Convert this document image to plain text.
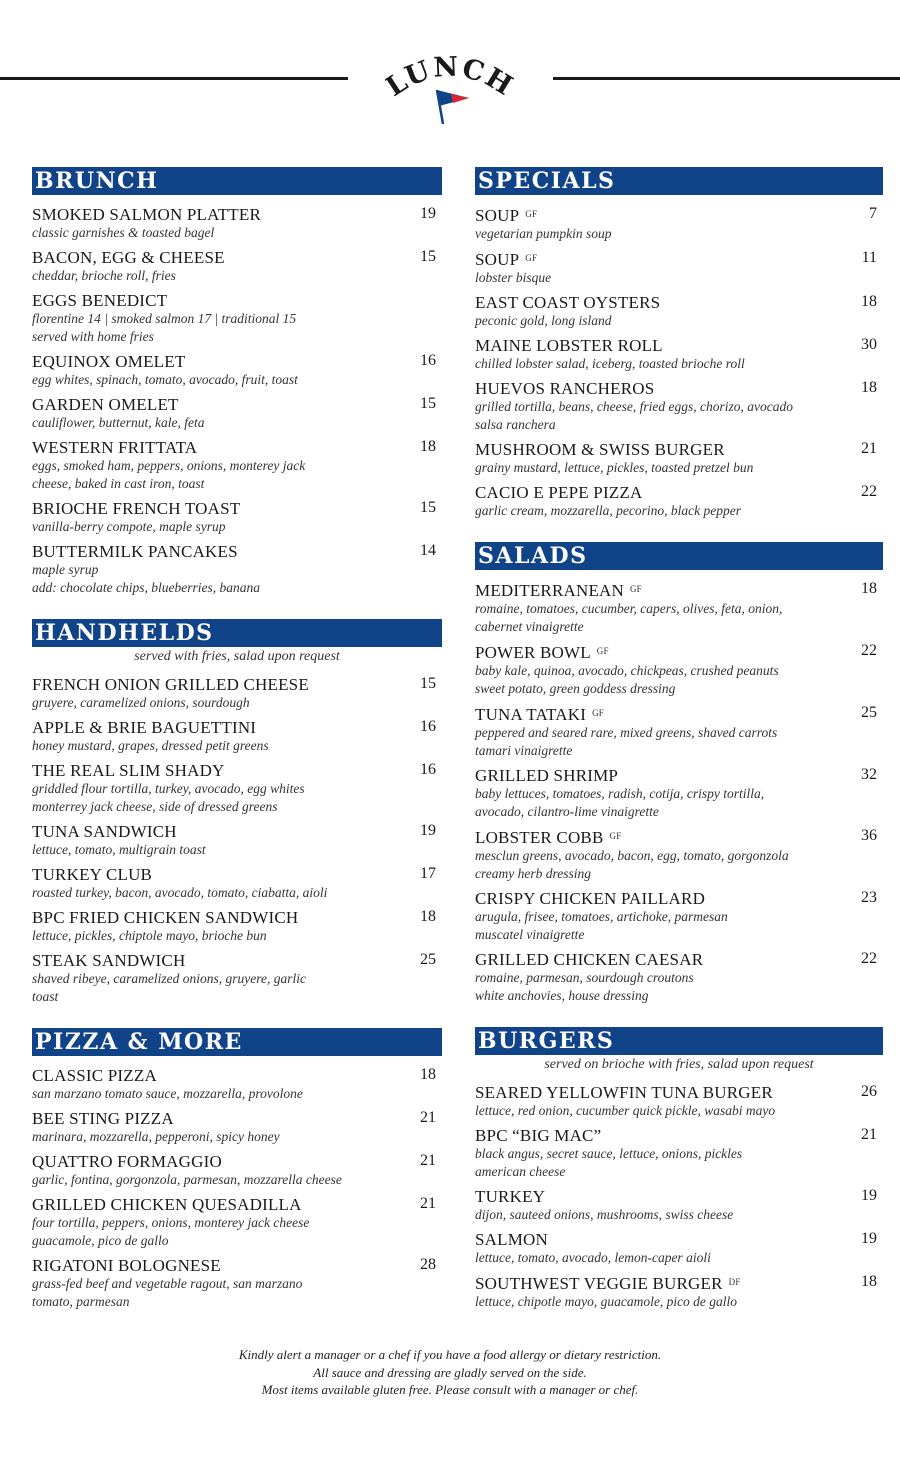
UNC
BRUNCH
SMOKED SALMON PLATTER
classic garnishes & toasted bagel
19
BACON, EGG & CHEESE
cheddar, brioche roll, fries
15
EGGS BENEDICT
florentine 14 | smoked salmon 17 | traditional 15
served with home fries
EQUINOX OMELET
egg whites, spinach, tomato, avocado, fruit, toast
16
GARDEN OMELET
cauliflower, butternut, kale, feta
15
WESTERN FRITTATA
eggs, smoked ham, peppers, onions, monterey jack
cheese, baked in cast iron, toast
18
BRIOCHE FRENCH TOAST
vanilla-berry compote, maple syrup
15
BUTTERMILK PANCAKES
maple syrup
add: chocolate chips, blueberries, banana
14
HANDHELDS
served with fries, salad upon request
FRENCH ONION GRILLED CHEESE
gruyere, caramelized onions, sourdough
15
APPLE & BRIE BAGUETTINI
honey mustard, grapes, dressed petit greens
16
THE REAL SLIM SHADY
griddled flour tortilla, turkey, avocado, egg whites
monterrey jack cheese, side of dressed greens
16
TUNA SANDWICH
lettuce, tomato, multigrain toast
19
TURKEY CLUB
roasted turkey, bacon, avocado, tomato, ciabatta, aioli
17
BPC FRIED CHICKEN SANDWICH
lettuce, pickles, chiptole mayo, brioche bun
18
STEAK SANDWICH
shaved ribeye, caramelized onions, gruyere, garlic
toast
25
PIZZA & MORE
CLASSIC PIZZA
san marzano tomato sauce, mozzarella, provolone
18
BEE STING PIZZA
marinara, mozzarella, pepperoni, spicy honey
21
QUATTRO FORMAGGIO
garlic, fontina, gorgonzola, parmesan, mozzarella cheese
21
GRILLED CHICKEN QUESADILLA
four tortilla, peppers, onions, monterey jack cheese
guacamole, pico de gallo
21
RIGATONI BOLOGNESE
grass-fed beef and vegetable ragout, san marzano
tomato, parmesan
28
SPECIALS
SOUP $^{GF}$
vegetarian pumpkin soup
7
SOUP $^{GF}$
lobster bisque
11
EAST COAST OYSTERS
peconic gold, long island
18
MAINE LOBSTER ROLL
chilled lobster salad, iceberg, toasted brioche roll
30
HUEVOS RANCHEROS
grilled tortilla, beans, cheese, fried eggs, chorizo, avocado
salsa ranchera
18
MUSHROOM & SWISS BURGER
grainy mustard, lettuce, pickles, toasted pretzel bun
21
CACIO E PEPE PIZZA
garlic cream, mozzarella, pecorino, black pepper
22
SALADS
MEDITERRANEAN $^{GF}$
romaine, tomatoes, cucumber, capers, olives, feta, onion,
cabernet vinaigrette
18
POWER BOWL $^{GF}$
baby kale, quinoa, avocado, chickpeas, crushed peanuts
sweet potato, green goddess dressing
22
TUNA TATAKI $^{GF}$
peppered and seared rare, mixed greens, shaved carrots
tamari vinaigrette
25
GRILLED SHRIMP
baby lettuces, tomatoes, radish, cotija, crispy tortilla,
avocado, cilantro-lime vinaigrette
32
LOBSTER COBB $^{GF}$
mesclun greens, avocado, bacon, egg, tomato, gorgonzola
creamy herb dressing
36
CRISPY CHICKEN PAILLARD
arugula, frisee, tomatoes, artichoke, parmesan
muscatel vinaigrette
23
GRILLED CHICKEN CAESAR
romaine, parmesan, sourdough croutons
white anchovies, house dressing
22
BURGERS
served on brioche with fries, salad upon request
SEARED YELLOWFIN TUNA BURGER
lettuce, red onion, cucumber quick pickle, wasabi mayo
26
BPC “BIG MAC”
black angus, secret sauce, lettuce, onions, pickles
american cheese
21
TURKEY
dijon, sauteed onions, mushrooms, swiss cheese
19
SALMON
lettuce, tomato, avocado, lemon-caper aioli
19
SOUTHWEST VEGGIE BURGER $^{DF}$
lettuce, chipotle mayo, guacamole, pico de gallo
18
Kindly alert a manager or a chef if you have a food allergy or dietary restriction.
All sauce and dressing are gladly served on the side.
Most items available gluten free. Please consult with a manager or chef.
